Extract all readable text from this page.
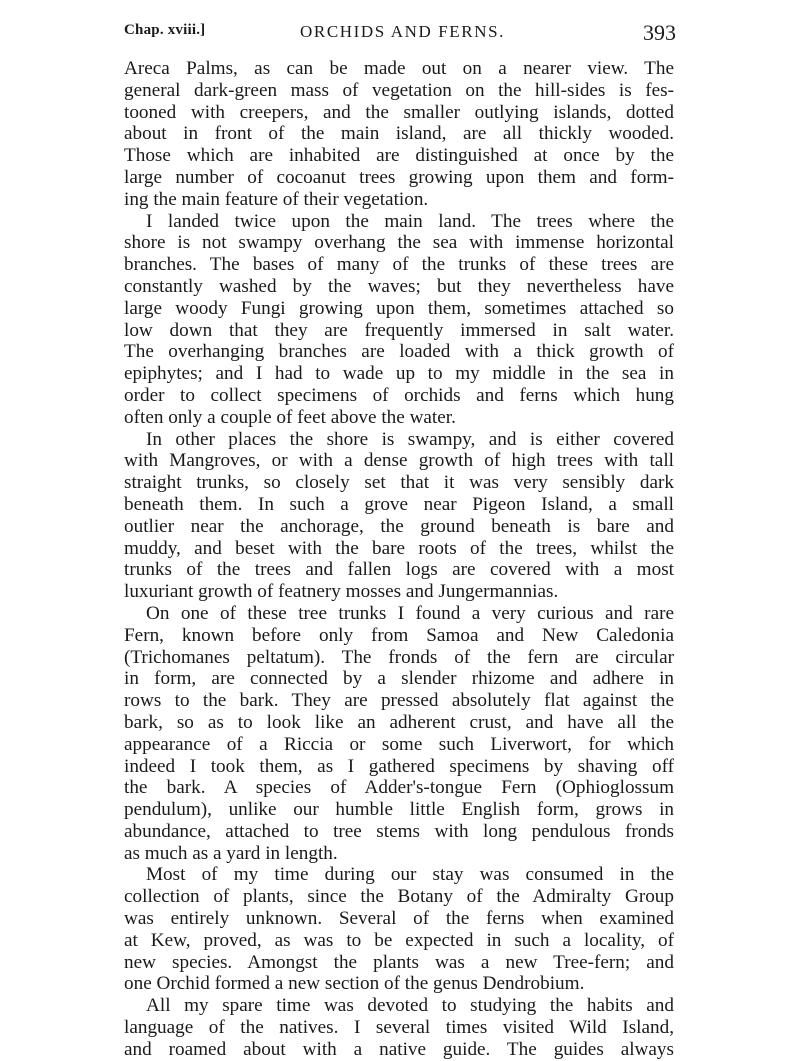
Chap. xviii.]	ORCHIDS AND FERNS.	393

Areca Palms, as can be made out on a nearer view. The
general dark-green mass of vegetation on the hill-sides is fes-
tooned with creepers, and the smaller outlying islands, dotted
about in front of the main island, are all thickly wooded.
Those which are inhabited are distinguished at once by the
large number of cocoanut trees growing upon them and form-
ing the main feature of their vegetation.

I landed twice upon the main land. The trees where the
shore is not swampy overhang the sea with immense horizontal
branches. The bases of many of the trunks of these trees are
constantly washed by the waves; but they nevertheless have
large woody Fungi growing upon them, sometimes attached so
low down that they are frequently immersed in salt water.
The overhanging branches are loaded with a thick growth of
epiphytes; and I had to wade up to my middle in the sea in
order to collect specimens of orchids and ferns which hung
often only a couple of feet above the water.

In other places the shore is swampy, and is either covered
with Mangroves, or with a dense growth of high trees with tall
straight trunks, so closely set that it was very sensibly dark
beneath them. In such a grove near Pigeon Island, a small
outlier near the anchorage, the ground beneath is bare and
muddy, and beset with the bare roots of the trees, whilst the
trunks of the trees and fallen logs are covered with a most
luxuriant growth of featnery mosses and Jungermannias.

On one of these tree trunks I found a very curious and rare
Fern, known before only from Samoa and New Caledonia
(Trichomanes peltatum). The fronds of the fern are circular
in form, are connected by a slender rhizome and adhere in
rows to the bark. They are pressed absolutely flat against the
bark, so as to look like an adherent crust, and have all the
appearance of a Riccia or some such Liverwort, for which
indeed I took them, as I gathered specimens by shaving off
the bark. A species of Adder's-tongue Fern (Ophioglossum
pendulum), unlike our humble little English form, grows in
abundance, attached to tree stems with long pendulous fronds
as much as a yard in length.

Most of my time during our stay was consumed in the
collection of plants, since the Botany of the Admiralty Group
was entirely unknown. Several of the ferns when examined
at Kew, proved, as was to be expected in such a locality, of
new species. Amongst the plants was a new Tree-fern; and
one Orchid formed a new section of the genus Dendrobium.

All my spare time was devoted to studying the habits and
language of the natives. I several times visited Wild Island,
and roamed about with a native guide. The guides always
